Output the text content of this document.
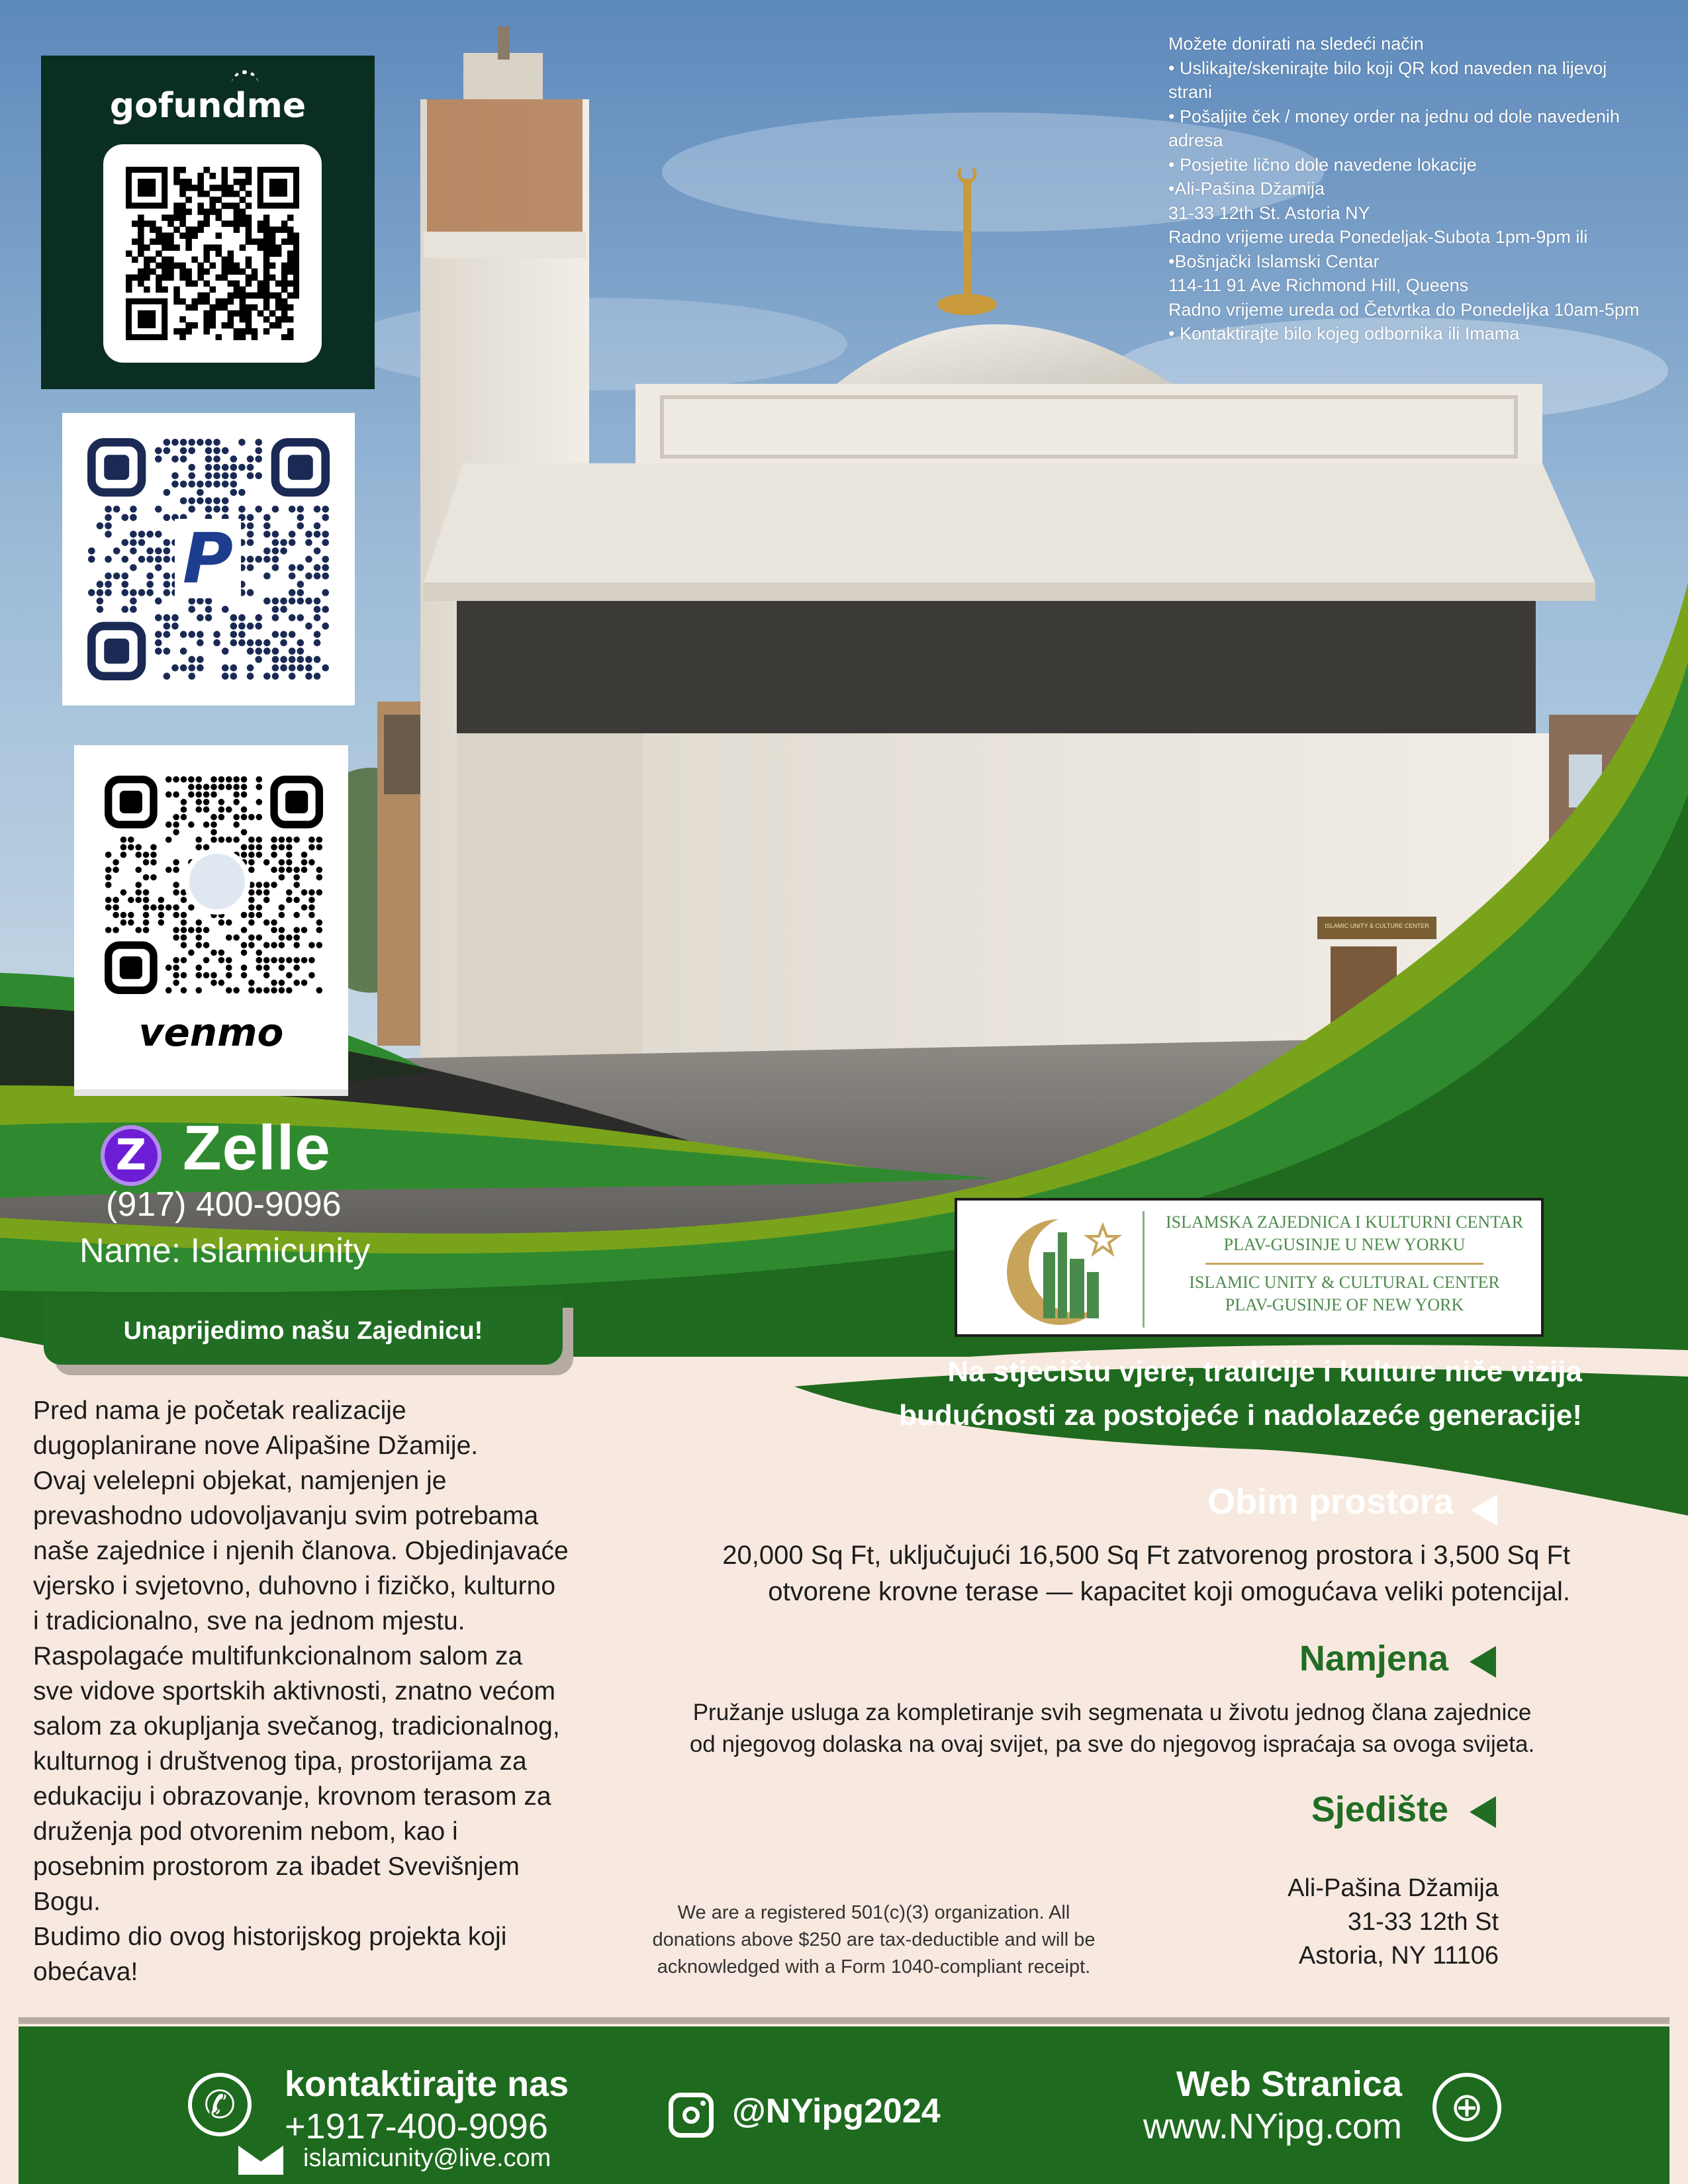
Možete donirati na sledeći način
• Uslikajte/skenirajte bilo koji QR kod naveden na lijevoj
strani
• Pošaljite ček / money order na jednu od dole navedenih
adresa
• Posjetite lično dole navedene lokacije
•Ali-Pašina Džamija
31-33 12th St. Astoria NY
Radno vrijeme ureda Ponedeljak-Subota 1pm-9pm ili
•Bošnjački Islamski Centar
114-11 91 Ave Richmond Hill, Queens
Radno vrijeme ureda od Četvrtka do Ponedeljka 10am-5pm
• Kontaktirajte bilo kojeg odbornika ili Imama
gofundme
P
venmo
Z Zelle
(917) 400-9096
Name: Islamicunity
Unaprijedimo našu Zajednicu!
Pred nama je početak realizacije
dugoplanirane nove Alipašine Džamije.
Ovaj velelepni objekat, namjenjen je
prevashodno udovoljavanju svim potrebama
naše zajednice i njenih članova. Objedinjavaće
vjersko i svjetovno, duhovno i fizičko, kulturno
i tradicionalno, sve na jednom mjestu.
Raspolagaće multifunkcionalnom salom za
sve vidove sportskih aktivnosti, znatno većom
salom za okupljanja svečanog, tradicionalnog,
kulturnog i društvenog tipa, prostorijama za
edukaciju i obrazovanje, krovnom terasom za
druženja pod otvorenim nebom, kao i
posebnim prostorom za ibadet Svevišnjem
Bogu.
Budimo dio ovog historijskog projekta koji
obećava!
ISLAMSKA ZAJEDNICA I KULTURNI CENTAR
PLAV-GUSINJE U NEW YORKU
ISLAMIC UNITY & CULTURAL CENTER
PLAV-GUSINJE OF NEW YORK
ISLAMIC UNITY & CULTURE CENTER
Na stjecištu vjere, tradicije i kulture niče vizija
budućnosti za postojeće i nadolazeće generacije!
Obim prostora
20,000 Sq Ft, uključujući 16,500 Sq Ft zatvorenog prostora i 3,500 Sq Ft
otvorene krovne terase — kapacitet koji omogućava veliki potencijal.
Namjena
Pružanje usluga za kompletiranje svih segmenata u životu jednog člana zajednice
od njegovog dolaska na ovaj svijet, pa sve do njegovog ispraćaja sa ovoga svijeta.
Sjedište
Ali-Pašina Džamija
31-33 12th St
Astoria, NY 11106
We are a registered 501(c)(3) organization. All
donations above $250 are tax-deductible and will be
acknowledged with a Form 1040-compliant receipt.
✆	kontaktirajte nas
+1917-400-9096
islamicunity@live.com
@NYipg2024
Web Stranica
www.NYipg.com	⊕
